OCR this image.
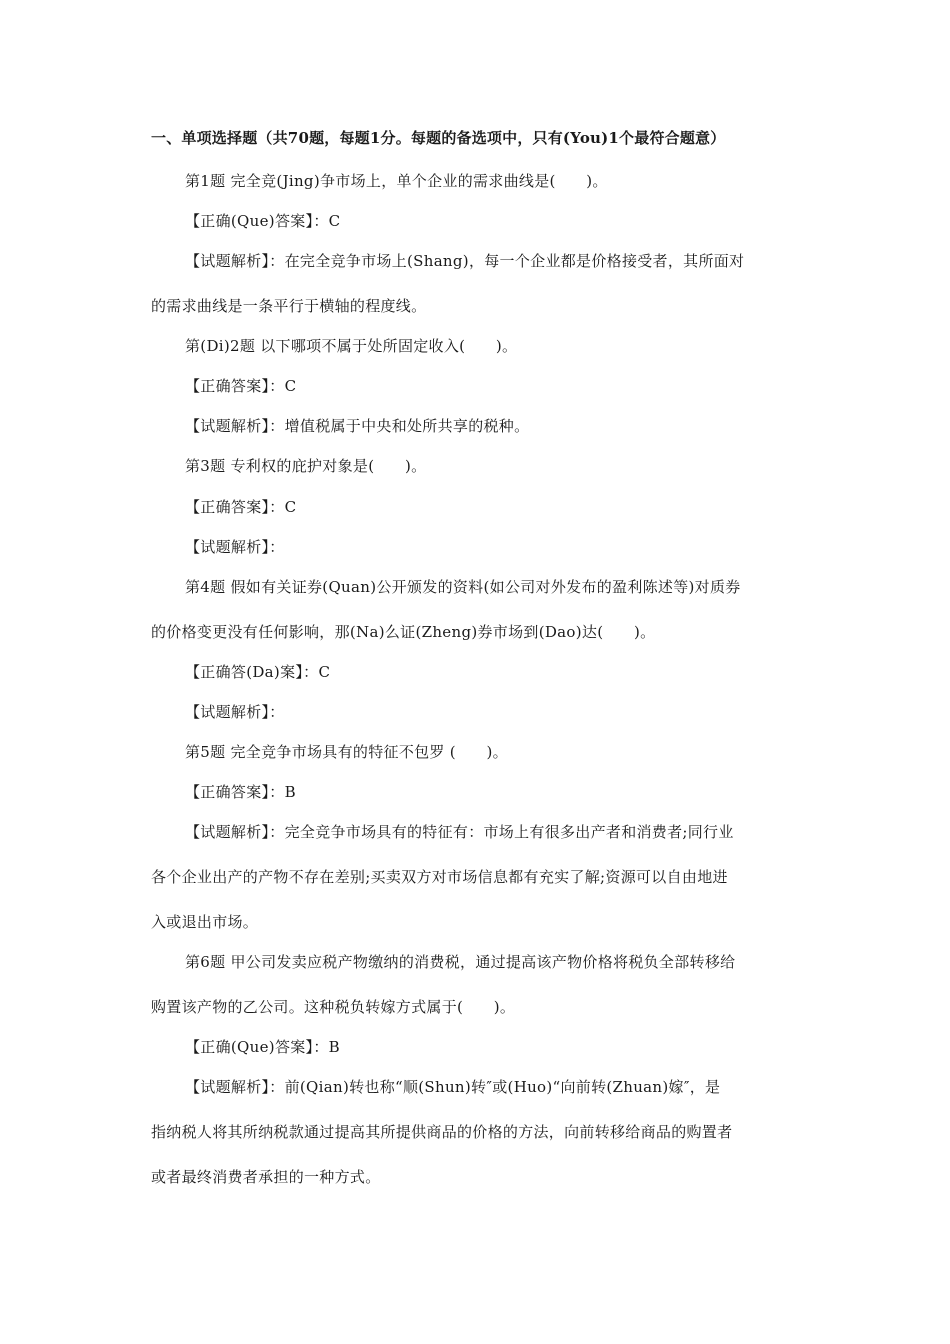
一、单项选择题（共70题，每题1分。每题的备选项中，只有(You)1个最符合题意）
第1题 完全竞(Jing)争市场上，单个企业的需求曲线是(　　)。
【正确(Que)答案】：C
【试题解析】：在完全竞争市场上(Shang)，每一个企业都是价格接受者，其所面对
的需求曲线是一条平行于横轴的程度线。
第(Di)2题 以下哪项不属于处所固定收入(　　)。
【正确答案】：C
【试题解析】：增值税属于中央和处所共享的税种。
第3题 专利权的庇护对象是(　　)。
【正确答案】：C
【试题解析】：
第4题 假如有关证券(Quan)公开颁发的资料(如公司对外发布的盈利陈述等)对质券
的价格变更没有任何影响，那(Na)么证(Zheng)券市场到(Dao)达(　　)。
【正确答(Da)案】：C
【试题解析】：
第5题 完全竞争市场具有的特征不包罗 (　　)。
【正确答案】：B
【试题解析】：完全竞争市场具有的特征有：市场上有很多出产者和消费者;同行业
各个企业出产的产物不存在差别;买卖双方对市场信息都有充实了解;资源可以自由地进
入或退出市场。
第6题 甲公司发卖应税产物缴纳的消费税，通过提高该产物价格将税负全部转移给
购置该产物的乙公司。这种税负转嫁方式属于(　　)。
【正确(Que)答案】：B
【试题解析】：前(Qian)转也称“顺(Shun)转″或(Huo)“向前转(Zhuan)嫁″，是
指纳税人将其所纳税款通过提高其所提供商品的价格的方法，向前转移给商品的购置者
或者最终消费者承担的一种方式。
